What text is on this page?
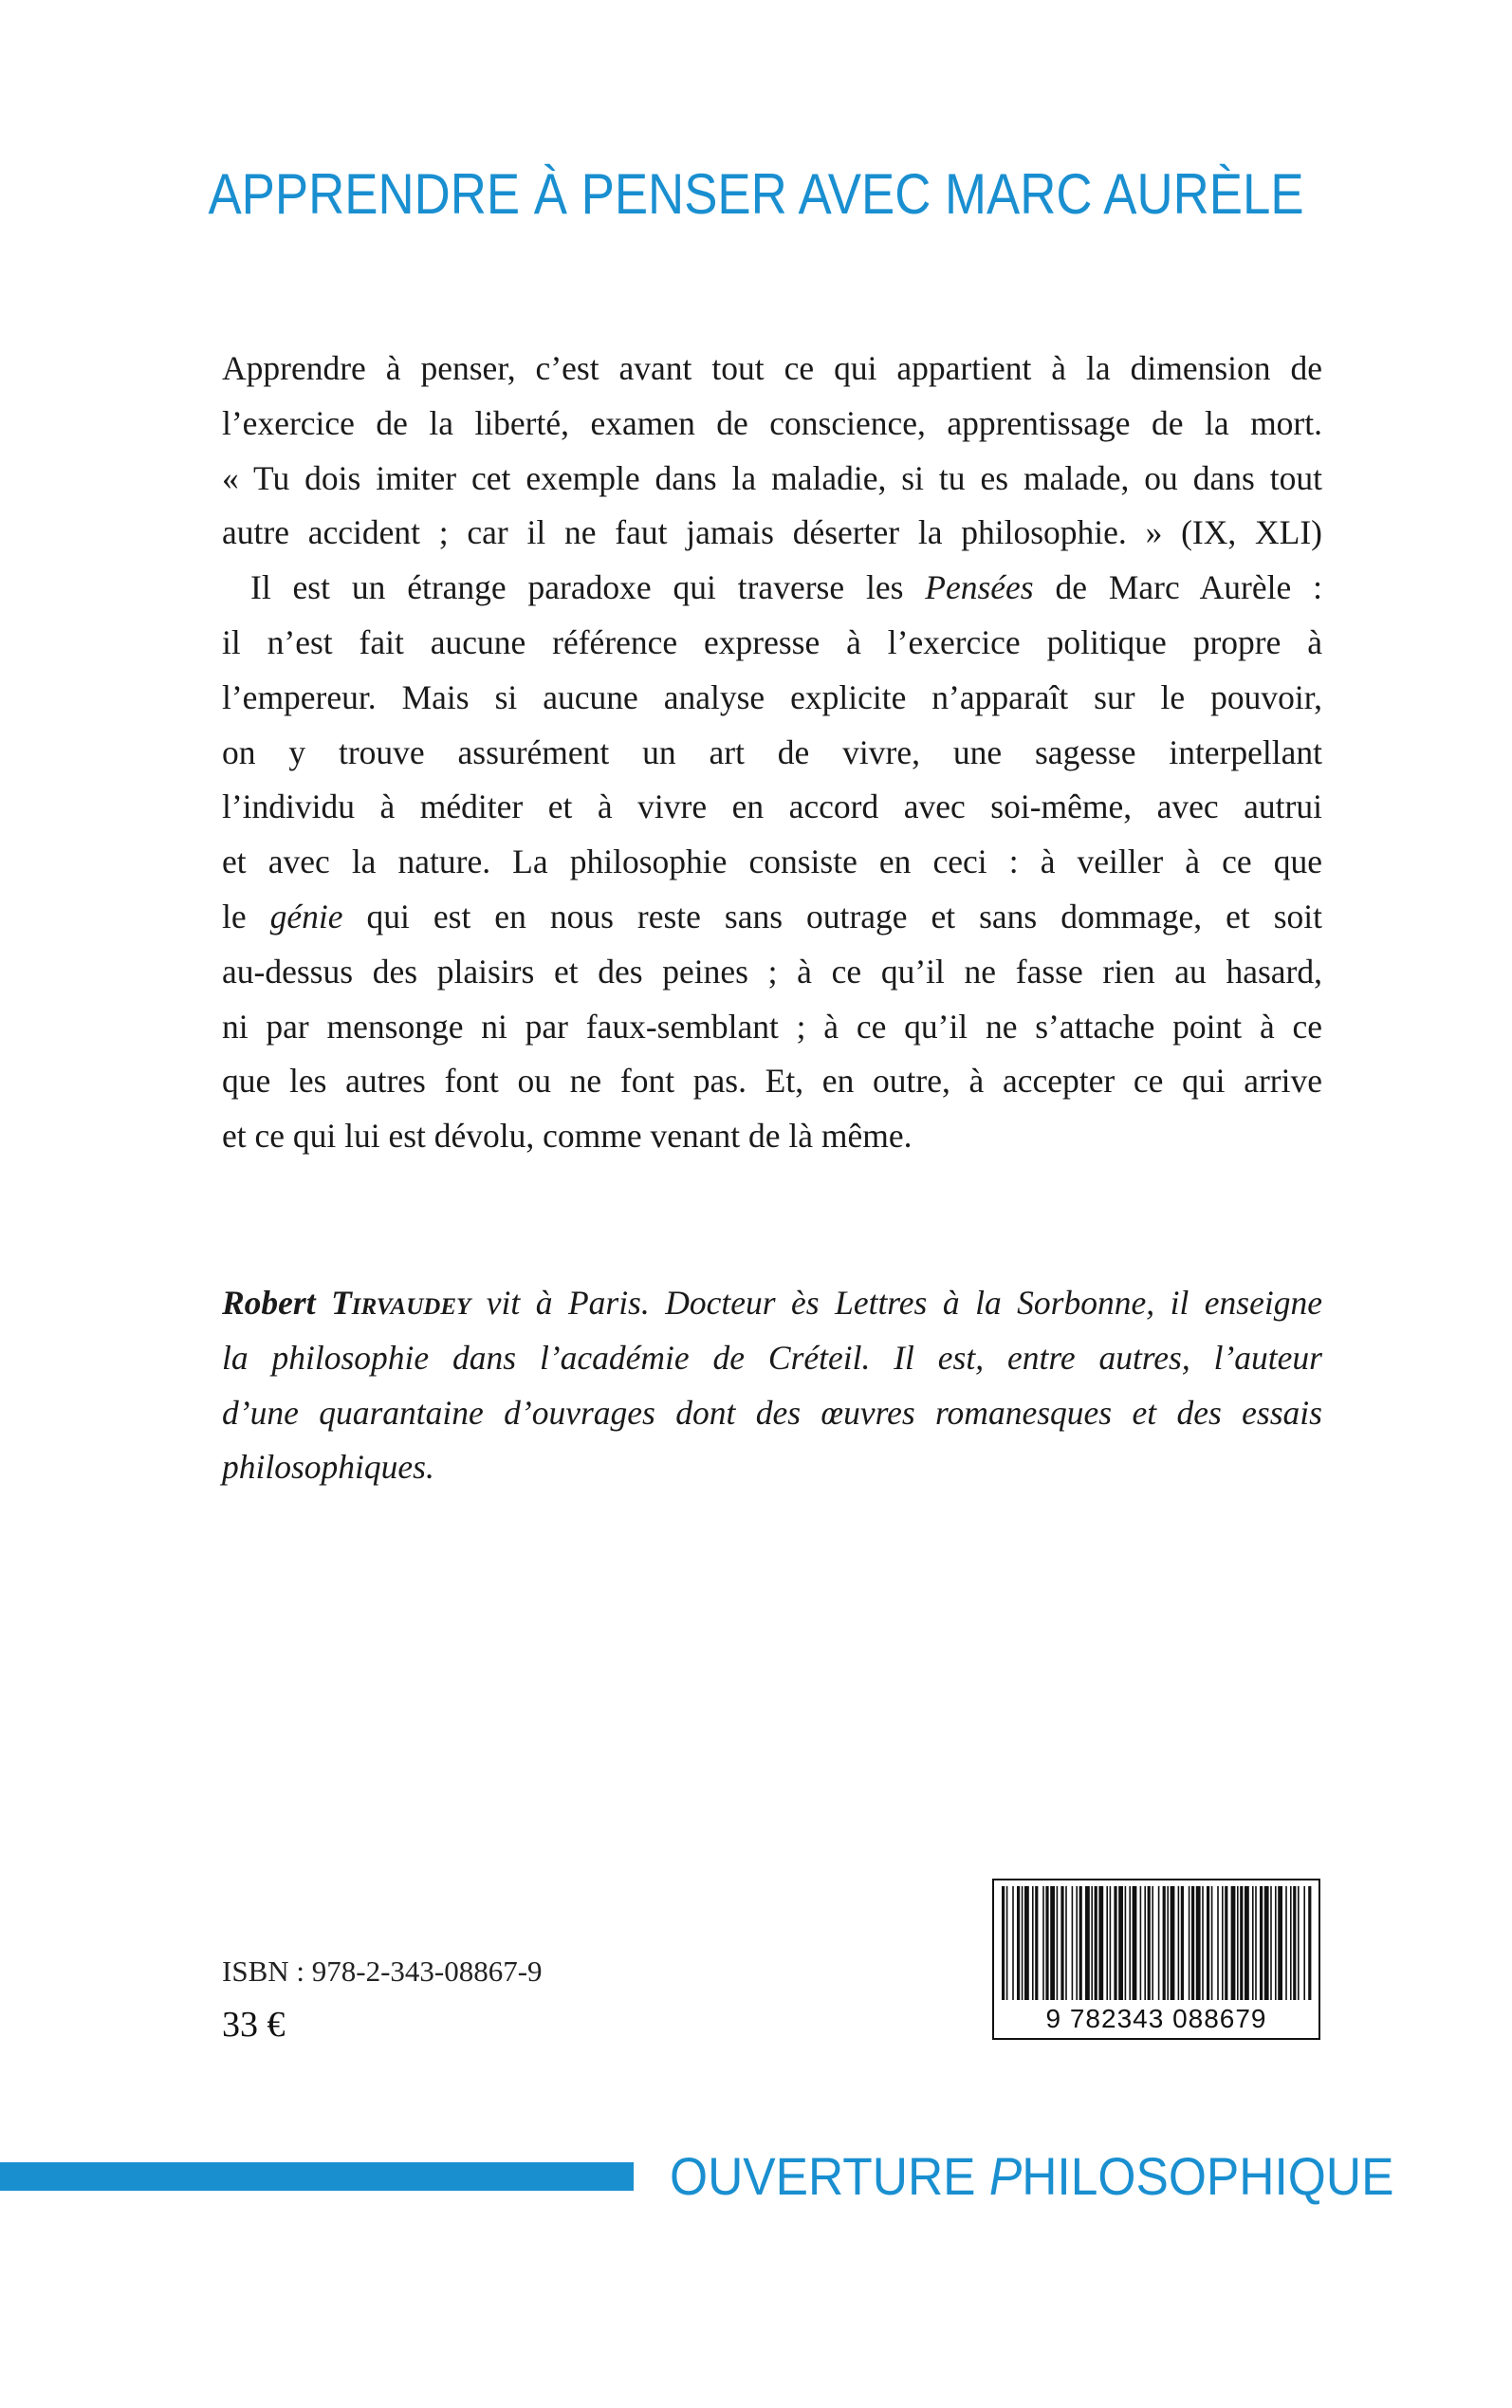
APPRENDRE À PENSER AVEC MARC AURÈLE
Apprendre à penser, c’est avant tout ce qui appartient à la dimension de
l’exercice de la liberté, examen de conscience, apprentissage de la mort.
« Tu dois imiter cet exemple dans la maladie, si tu es malade, ou dans tout
autre accident ; car il ne faut jamais déserter la philosophie. » (IX, XLI)
Il est un étrange paradoxe qui traverse les Pensées de Marc Aurèle :
il n’est fait aucune référence expresse à l’exercice politique propre à
l’empereur. Mais si aucune analyse explicite n’apparaît sur le pouvoir,
on y trouve assurément un art de vivre, une sagesse interpellant
l’individu à méditer et à vivre en accord avec soi-même, avec autrui
et avec la nature. La philosophie consiste en ceci : à veiller à ce que
le génie qui est en nous reste sans outrage et sans dommage, et soit
au-dessus des plaisirs et des peines ; à ce qu’il ne fasse rien au hasard,
ni par mensonge ni par faux-semblant ; à ce qu’il ne s’attache point à ce
que les autres font ou ne font pas. Et, en outre, à accepter ce qui arrive
et ce qui lui est dévolu, comme venant de là même.
Robert Tirvaudey vit à Paris. Docteur ès Lettres à la Sorbonne, il enseigne
la philosophie dans l’académie de Créteil. Il est, entre autres, l’auteur
d’une quarantaine d’ouvrages dont des œuvres romanesques et des essais
philosophiques.
ISBN : 978-2-343-08867-9
33 €	9 782343 088679
OUVERTURE PHILOSOPHIQUE
